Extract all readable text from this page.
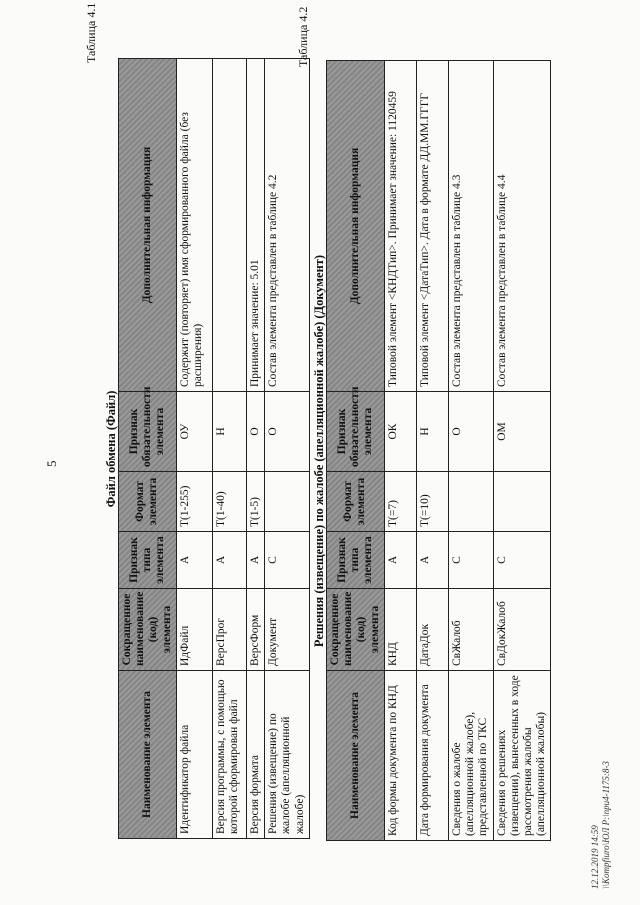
5
Таблица 4.1
Файл обмена (Файл)
Наименование элемента	Сокращенное наименование (код) элемента	Признак типа элемента	Формат элемента	Признак обязательности элемента	Дополнительная информация
Идентификатор файла	ИдФайл	А	T(1-255)	ОУ	Содержит (повторяет) имя сформированного файла (без расширения)
Версия программы, с помощью которой сформирован файл	ВерсПрог	А	T(1-40)	Н	
Версия формата	ВерсФорм	А	T(1-5)	О	Принимает значение: 5.01
Решения (извещение) по жалобе (апелляционной жалобе)	Документ	С		О	Состав элемента представлен в таблице 4.2
Таблица 4.2
Решения (извещение) по жалобе (апелляционной жалобе) (Документ)
Наименование элемента	Сокращенное наименование (код) элемента	Признак типа элемента	Формат элемента	Признак обязательности элемента	Дополнительная информация
Код формы документа по КНД	КНД	А	T(=7)	ОК	Типовой элемент <КНДТип>. Принимает значение: 1120459
Дата формирования документа	ДатаДок	А	T(=10)	Н	Типовой элемент <ДатаТип>. Дата в формате ДД.ММ.ГГГГ
Сведения о жалобе (апелляционной жалобе), представленной по ТКС	СвЖалоб	С		О	Состав элемента представлен в таблице 4.3
Сведения о решениях (извещении), вынесенных в ходе рассмотрения жалобы (апелляционной жалобы)	СвДокЖалоб	С		ОМ	Состав элемента представлен в таблице 4.4
12.12.2019 14:59 \\Kompfiuro\ЮЛ P:\при4-1175:8-3
